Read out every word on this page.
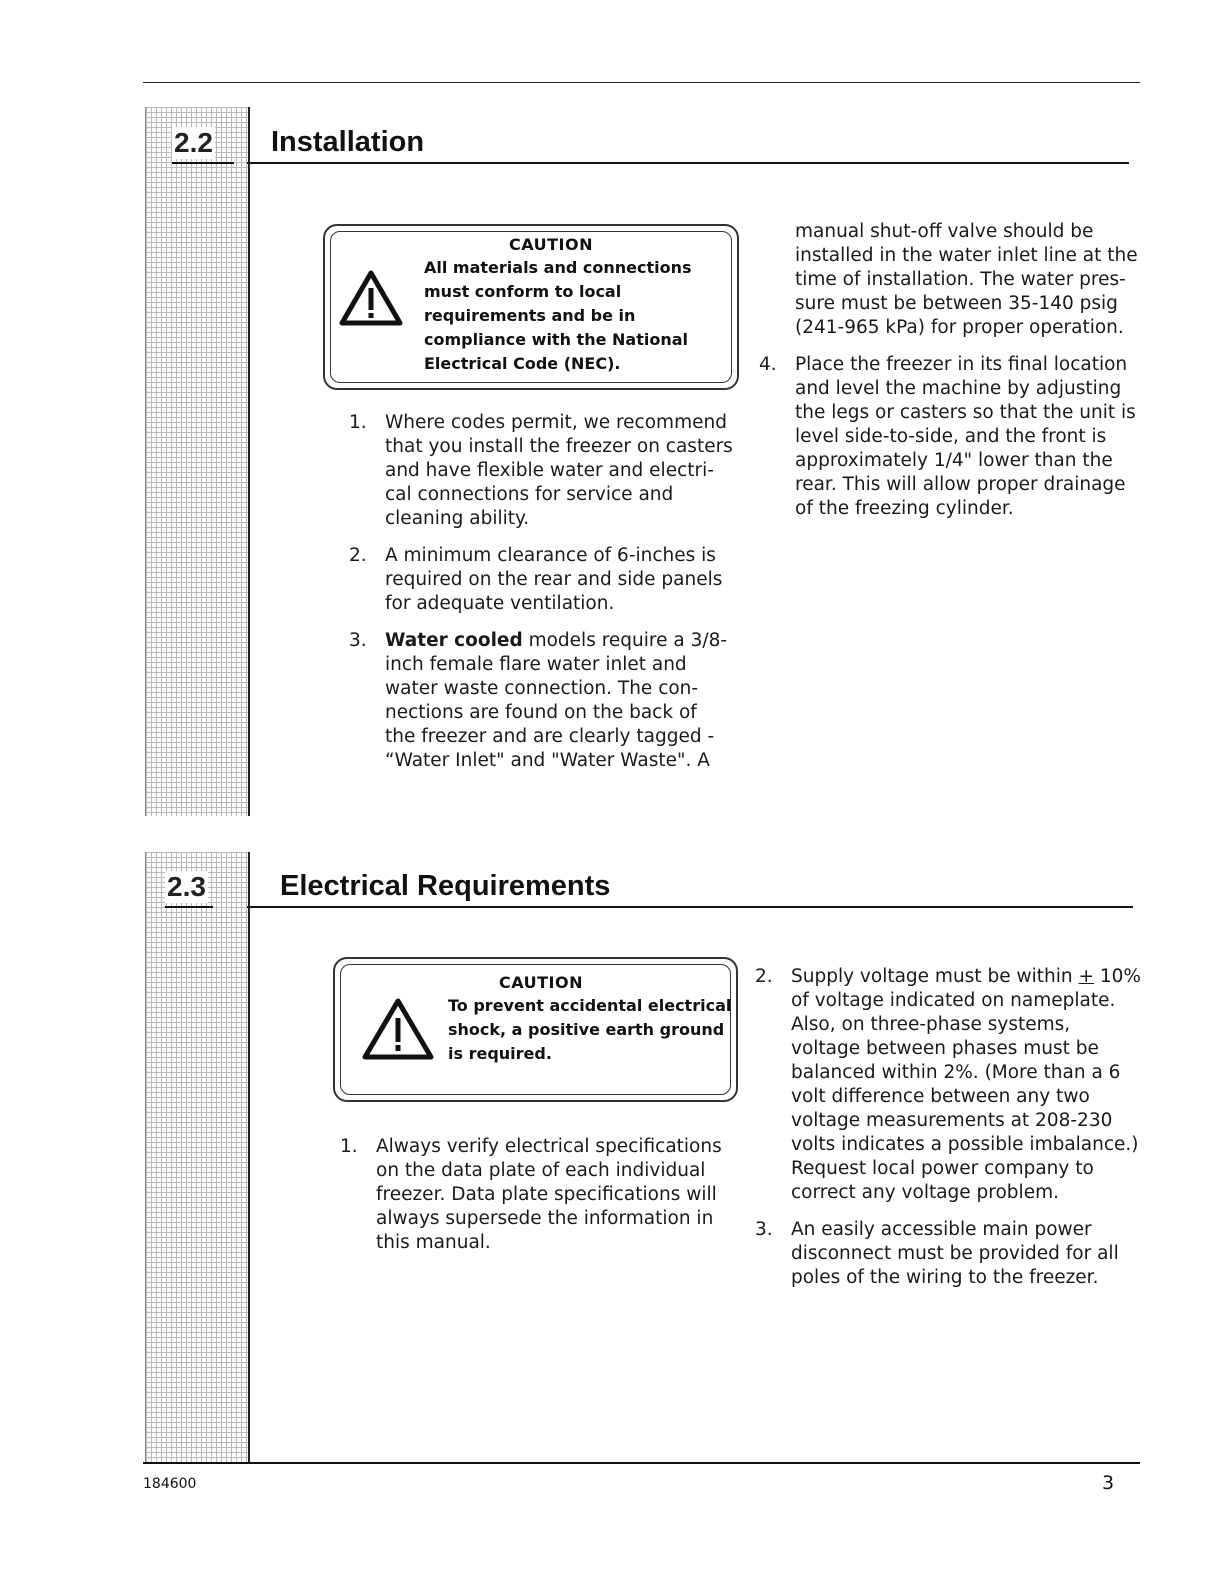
2.2 Installation
CAUTION
All materials and connections
must conform to local
requirements and be in
compliance with the National
Electrical Code (NEC).
1. Where codes permit, we recommend
that you install the freezer on casters
and have flexible water and electri-
cal connections for service and
cleaning ability.
2. A minimum clearance of 6-inches is
required on the rear and side panels
for adequate ventilation.
3. Water cooled models require a 3/8-
inch female flare water inlet and
water waste connection. The con-
nections are found on the back of
the freezer and are clearly tagged -
“Water Inlet" and "Water Waste". A
manual shut-off valve should be
installed in the water inlet line at the
time of installation. The water pres-
sure must be between 35-140 psig
(241-965 kPa) for proper operation.
4. Place the freezer in its final location
and level the machine by adjusting
the legs or casters so that the unit is
level side-to-side, and the front is
approximately 1/4" lower than the
rear. This will allow proper drainage
of the freezing cylinder.
2.3	Electrical Requirements
CAUTION
To prevent accidental electrical
shock, a positive earth ground
is required.
1. Always verify electrical specifications
on the data plate of each individual
freezer. Data plate specifications will
always supersede the information in
this manual.
2. Supply voltage must be within + 10%
of voltage indicated on nameplate.
Also, on three-phase systems,
voltage between phases must be
balanced within 2%. (More than a 6
volt difference between any two
voltage measurements at 208-230
volts indicates a possible imbalance.)
Request local power company to
correct any voltage problem.
3. An easily accessible main power
disconnect must be provided for all
poles of the wiring to the freezer.
184600	3
